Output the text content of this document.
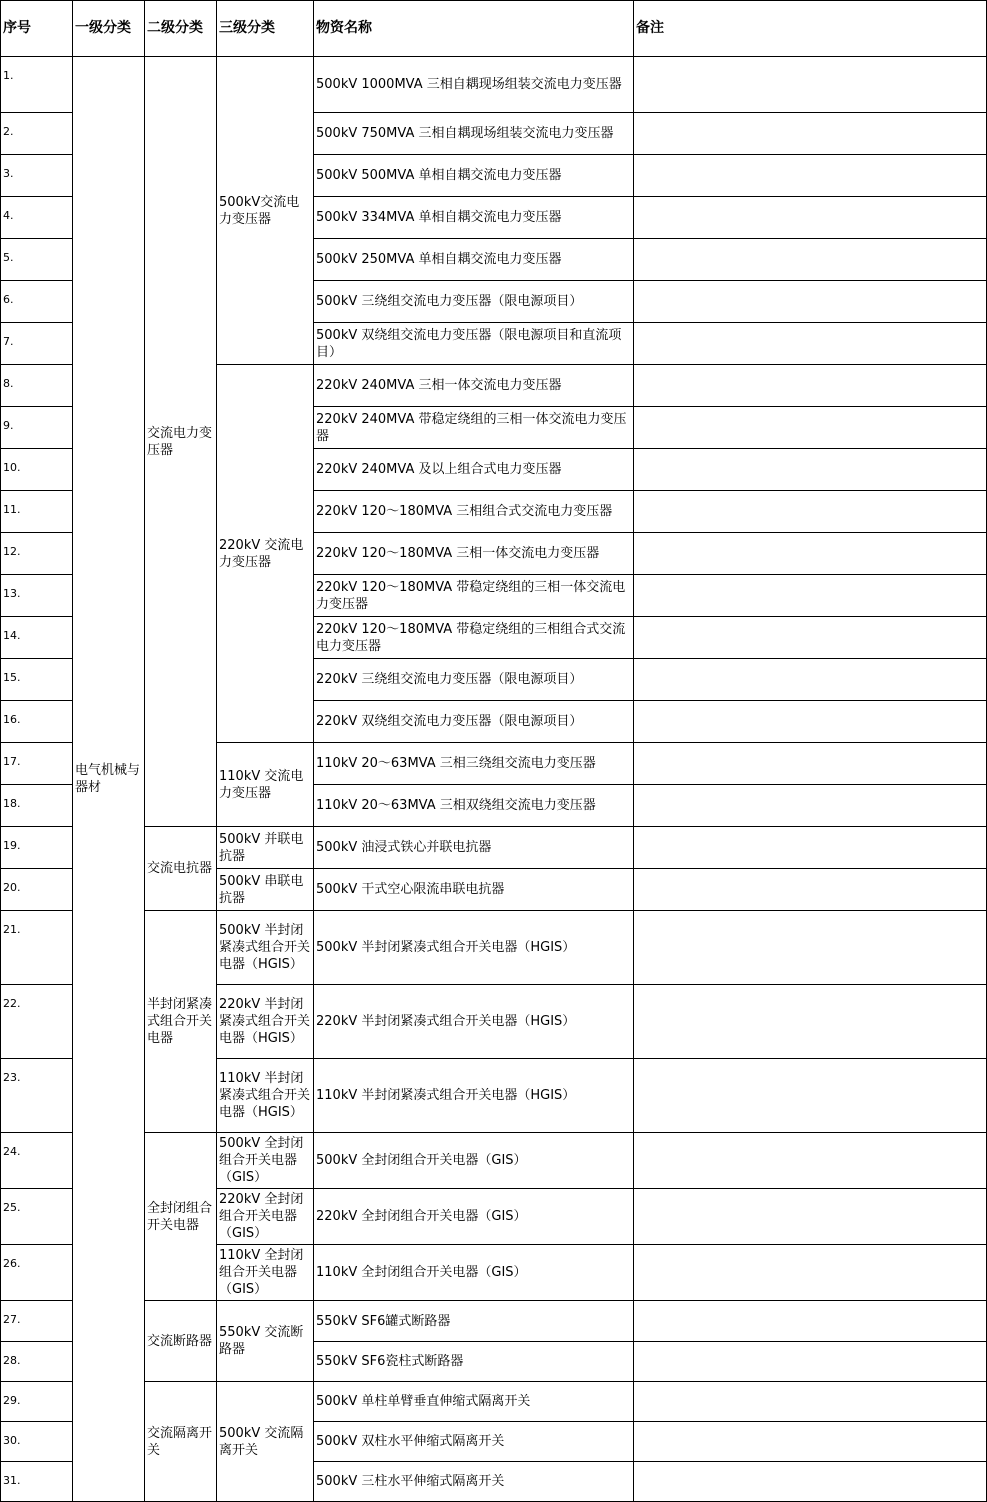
序号	一级分类	二级分类	三级分类	物资名称	备注
1.	电气机械与器材	交流电力变压器	500kV交流电力变压器	500kV 1000MVA 三相自耦现场组装交流电力变压器	
2.				500kV 750MVA 三相自耦现场组装交流电力变压器	
3.				500kV 500MVA 单相自耦交流电力变压器	
4.				500kV 334MVA 单相自耦交流电力变压器	
5.				500kV 250MVA 单相自耦交流电力变压器	
6.				500kV 三绕组交流电力变压器（限电源项目）	
7.				500kV 双绕组交流电力变压器（限电源项目和直流项目）	
8.			220kV 交流电力变压器	220kV 240MVA 三相一体交流电力变压器	
9.				220kV 240MVA 带稳定绕组的三相一体交流电力变压器	
10.				220kV 240MVA 及以上组合式电力变压器	
11.				220kV 120～180MVA 三相组合式交流电力变压器	
12.				220kV 120～180MVA 三相一体交流电力变压器	
13.				220kV 120～180MVA 带稳定绕组的三相一体交流电力变压器	
14.				220kV 120～180MVA 带稳定绕组的三相组合式交流电力变压器	
15.				220kV 三绕组交流电力变压器（限电源项目）	
16.				220kV 双绕组交流电力变压器（限电源项目）	
17.			110kV 交流电力变压器	110kV 20～63MVA 三相三绕组交流电力变压器	
18.				110kV 20～63MVA 三相双绕组交流电力变压器	
19.		交流电抗器	500kV 并联电抗器	500kV 油浸式铁心并联电抗器	
20.			500kV 串联电抗器	500kV 干式空心限流串联电抗器	
21.		半封闭紧凑式组合开关电器	500kV 半封闭紧凑式组合开关电器（HGIS）	500kV 半封闭紧凑式组合开关电器（HGIS）	
22.			220kV 半封闭紧凑式组合开关电器（HGIS）	220kV 半封闭紧凑式组合开关电器（HGIS）	
23.			110kV 半封闭紧凑式组合开关电器（HGIS）	110kV 半封闭紧凑式组合开关电器（HGIS）	
24.		全封闭组合开关电器	500kV 全封闭组合开关电器（GIS）	500kV 全封闭组合开关电器（GIS）	
25.			220kV 全封闭组合开关电器（GIS）	220kV 全封闭组合开关电器（GIS）	
26.			110kV 全封闭组合开关电器（GIS）	110kV 全封闭组合开关电器（GIS）	
27.		交流断路器	550kV 交流断路器	550kV SF6罐式断路器	
28.				550kV SF6瓷柱式断路器	
29.		交流隔离开关	500kV 交流隔离开关	500kV 单柱单臂垂直伸缩式隔离开关	
30.				500kV 双柱水平伸缩式隔离开关	
31.				500kV 三柱水平伸缩式隔离开关	
